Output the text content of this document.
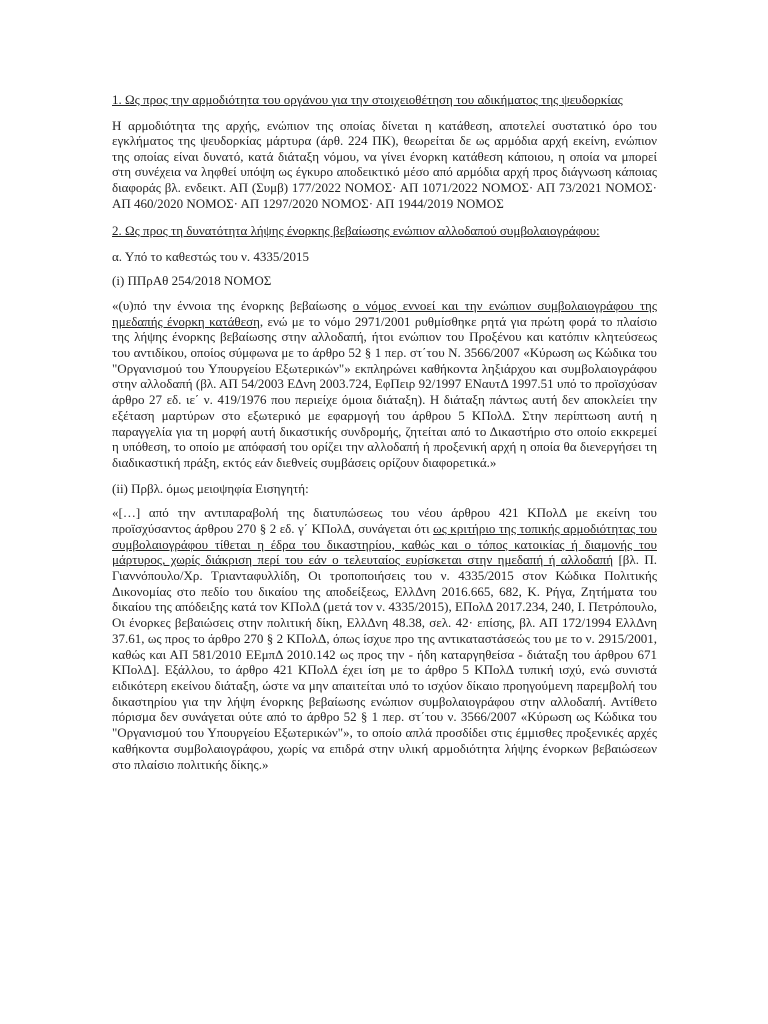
1. Ως προς την αρμοδιότητα του οργάνου για την στοιχειοθέτηση του αδικήματος της ψευδορκίας
Η αρμοδιότητα της αρχής, ενώπιον της οποίας δίνεται η κατάθεση, αποτελεί συστατικό όρο του εγκλήματος της ψευδορκίας μάρτυρα (άρθ. 224 ΠΚ), θεωρείται δε ως αρμόδια αρχή εκείνη, ενώπιον της οποίας είναι δυνατό, κατά διάταξη νόμου, να γίνει ένορκη κατάθεση κάποιου, η οποία να μπορεί στη συνέχεια να ληφθεί υπόψη ως έγκυρο αποδεικτικό μέσο από αρμόδια αρχή προς διάγνωση κάποιας διαφοράς βλ. ενδεικτ. ΑΠ (Συμβ) 177/2022 ΝΟΜΟΣ· ΑΠ 1071/2022 ΝΟΜΟΣ· ΑΠ 73/2021 ΝΟΜΟΣ· ΑΠ 460/2020 ΝΟΜΟΣ· ΑΠ 1297/2020 ΝΟΜΟΣ· ΑΠ 1944/2019 ΝΟΜΟΣ
2. Ως προς τη δυνατότητα λήψης ένορκης βεβαίωσης ενώπιον αλλοδαπού συμβολαιογράφου:
α. Υπό το καθεστώς του ν. 4335/2015
(i) ΠΠρΑθ 254/2018 ΝΟΜΟΣ
«(υ)πό την έννοια της ένορκης βεβαίωσης ο νόμος εννοεί και την ενώπιον συμβολαιογράφου της ημεδαπής ένορκη κατάθεση, ενώ με το νόμο 2971/2001 ρυθμίσθηκε ρητά για πρώτη φορά το πλαίσιο της λήψης ένορκης βεβαίωσης στην αλλοδαπή, ήτοι ενώπιον του Προξένου και κατόπιν κλητεύσεως του αντιδίκου, οποίος σύμφωνα με το άρθρο 52 § 1 περ. στ΄του Ν. 3566/2007 «Κύρωση ως Κώδικα του "Οργανισμού του Υπουργείου Εξωτερικών"» εκπληρώνει καθήκοντα ληξιάρχου και συμβολαιογράφου στην αλλοδαπή (βλ. ΑΠ 54/2003 ΕΔνη 2003.724, ΕφΠειρ 92/1997 ΕΝαυτΔ 1997.51 υπό το προϊσχύσαν άρθρο 27 εδ. ιε΄ ν. 419/1976 που περιείχε όμοια διάταξη). Η διάταξη πάντως αυτή δεν αποκλείει την εξέταση μαρτύρων στο εξωτερικό με εφαρμογή του άρθρου 5 ΚΠολΔ. Στην περίπτωση αυτή η παραγγελία για τη μορφή αυτή δικαστικής συνδρομής, ζητείται από το Δικαστήριο στο οποίο εκκρεμεί η υπόθεση, το οποίο με απόφασή του ορίζει την αλλοδαπή ή προξενική αρχή η οποία θα διενεργήσει τη διαδικαστική πράξη, εκτός εάν διεθνείς συμβάσεις ορίζουν διαφορετικά.»
(ii) Πρβλ. όμως μειοψηφία Εισηγητή:
«[…] από την αντιπαραβολή της διατυπώσεως του νέου άρθρου 421 ΚΠολΔ με εκείνη του προϊσχύσαντος άρθρου 270 § 2 εδ. γ΄ ΚΠολΔ, συνάγεται ότι ως κριτήριο της τοπικής αρμοδιότητας του συμβολαιογράφου τίθεται η έδρα του δικαστηρίου, καθώς και ο τόπος κατοικίας ή διαμονής του μάρτυρος, χωρίς διάκριση περί του εάν ο τελευταίος ευρίσκεται στην ημεδαπή ή αλλοδαπή [βλ. Π. Γιαννόπουλο/Χρ. Τριανταφυλλίδη, Οι τροποποιήσεις του ν. 4335/2015 στον Κώδικα Πολιτικής Δικονομίας στο πεδίο του δικαίου της αποδείξεως, ΕλλΔνη 2016.665, 682, Κ. Ρήγα, Ζητήματα του δικαίου της απόδειξης κατά τον ΚΠολΔ (μετά τον ν. 4335/2015), ΕΠολΔ 2017.234, 240, Ι. Πετρόπουλο, Οι ένορκες βεβαιώσεις στην πολιτική δίκη, ΕλλΔνη 48.38, σελ. 42· επίσης, βλ. ΑΠ 172/1994 ΕλλΔνη 37.61, ως προς το άρθρο 270 § 2 ΚΠολΔ, όπως ίσχυε προ της αντικαταστάσεώς του με το ν. 2915/2001, καθώς και ΑΠ 581/2010 ΕΕμπΔ 2010.142 ως προς την - ήδη καταργηθείσα - διάταξη του άρθρου 671 ΚΠολΔ]. Εξάλλου, το άρθρο 421 ΚΠολΔ έχει ίση με το άρθρο 5 ΚΠολΔ τυπική ισχύ, ενώ συνιστά ειδικότερη εκείνου διάταξη, ώστε να μην απαιτείται υπό το ισχύον δίκαιο προηγούμενη παρεμβολή του δικαστηρίου για την λήψη ένορκης βεβαίωσης ενώπιον συμβολαιογράφου στην αλλοδαπή. Αντίθετο πόρισμα δεν συνάγεται ούτε από το άρθρο 52 § 1 περ. στ΄του ν. 3566/2007 «Κύρωση ως Κώδικα του "Οργανισμού του Υπουργείου Εξωτερικών"», το οποίο απλά προσδίδει στις έμμισθες προξενικές αρχές καθήκοντα συμβολαιογράφου, χωρίς να επιδρά στην υλική αρμοδιότητα λήψης ένορκων βεβαιώσεων στο πλαίσιο πολιτικής δίκης.»
